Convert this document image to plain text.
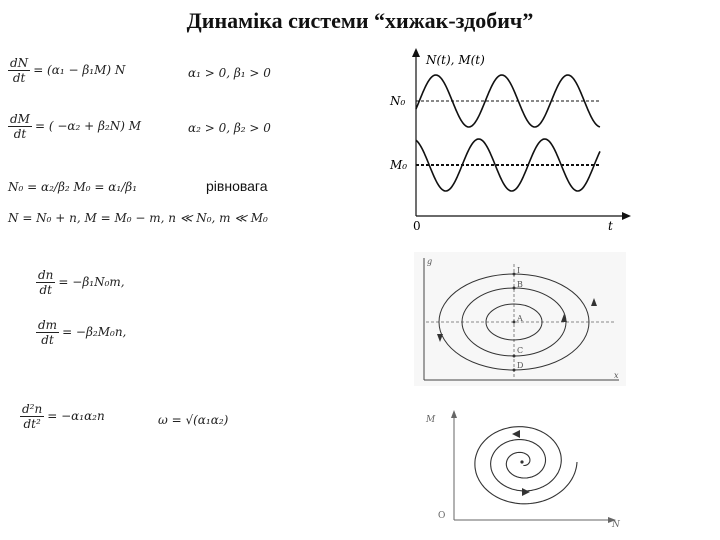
Динаміка системи “хижак-здобич”
$\frac{dN}{dt} = (\alpha_1 - \beta_1M)$ N	α₁ > 0, β₁ > 0
$\frac{dM}{dt}$ = ( −α₂ + β₂N) M	α₂ > 0, β₂ > 0
N₀ = α₂/β₂ M₀ = α₁/β₁	рівновага
N = N₀ + n, M = M₀ − m, n ≪ N₀, m ≪ M₀
$\frac{dn}{dt} = -\beta_1N_0m$,
$\frac{dm}{dt} = -\beta_2M_0n$,
$\frac{\text{d²n}}{\text{dt²}} = -\alpha_1\alpha_2n$	ω = √(α₁α₂)
N(t), M(t)
N₀
M₀
0	t
g
x
I
B
A
C
D
M
N
O
